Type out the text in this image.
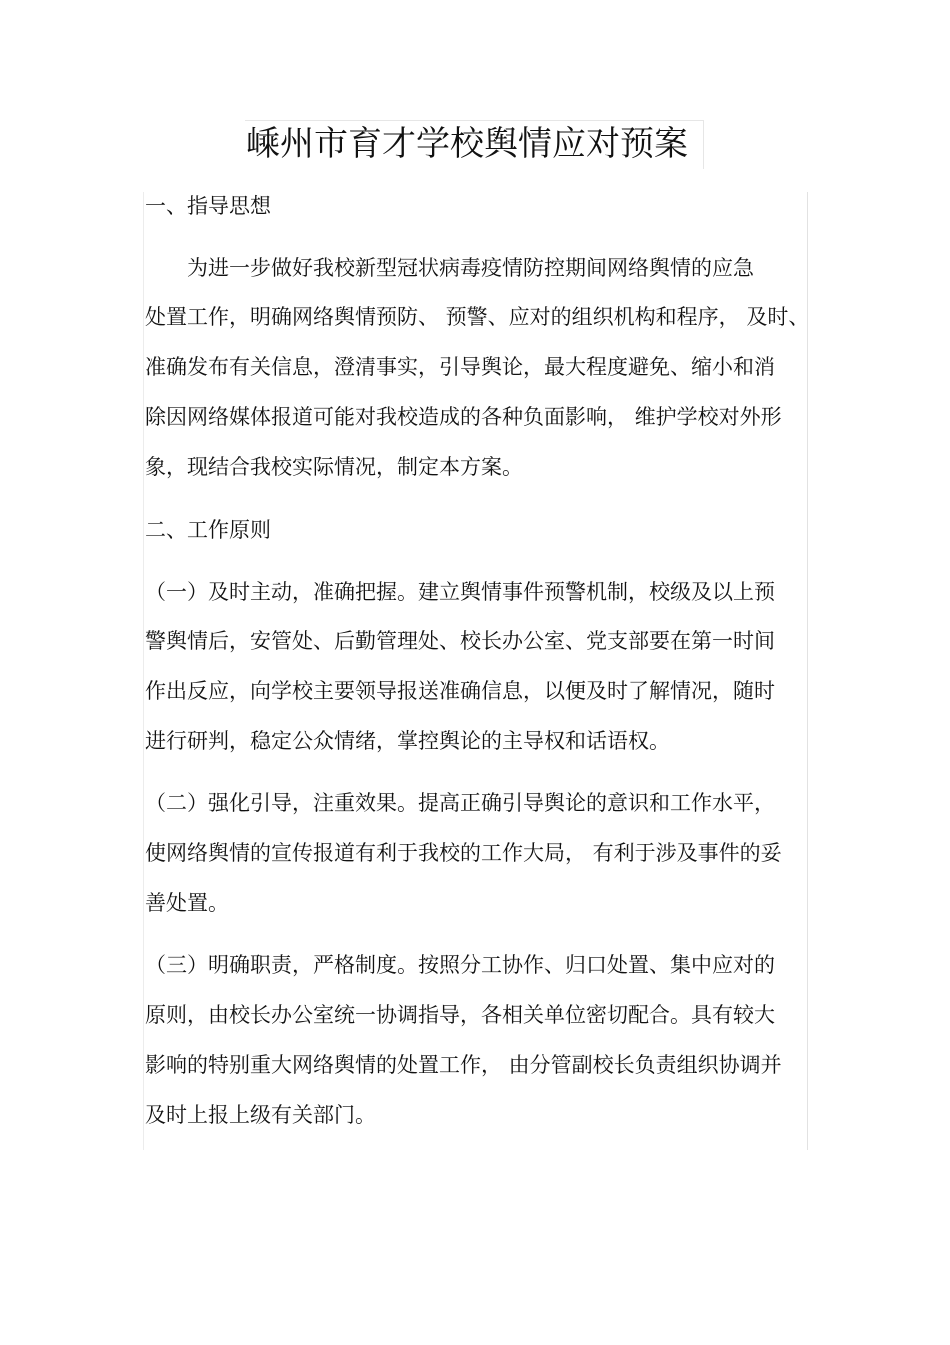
嵊州市育才学校舆情应对预案
一、指导思想
为进一步做好我校新型冠状病毒疫情防控期间网络舆情的应急
处置工作，明确网络舆情预防、 预警、应对的组织机构和程序， 及时、
准确发布有关信息，澄清事实，引导舆论，最大程度避免、缩小和消
除因网络媒体报道可能对我校造成的各种负面影响， 维护学校对外形
象，现结合我校实际情况，制定本方案。
二、工作原则
（一）及时主动，准确把握。建立舆情事件预警机制，校级及以上预
警舆情后，安管处、后勤管理处、校长办公室、党支部要在第一时间
作出反应，向学校主要领导报送准确信息，以便及时了解情况，随时
进行研判，稳定公众情绪，掌控舆论的主导权和话语权。
（二）强化引导，注重效果。提高正确引导舆论的意识和工作水平，
使网络舆情的宣传报道有利于我校的工作大局， 有利于涉及事件的妥
善处置。
（三）明确职责，严格制度。按照分工协作、归口处置、集中应对的
原则，由校长办公室统一协调指导，各相关单位密切配合。具有较大
影响的特别重大网络舆情的处置工作， 由分管副校长负责组织协调并
及时上报上级有关部门。
